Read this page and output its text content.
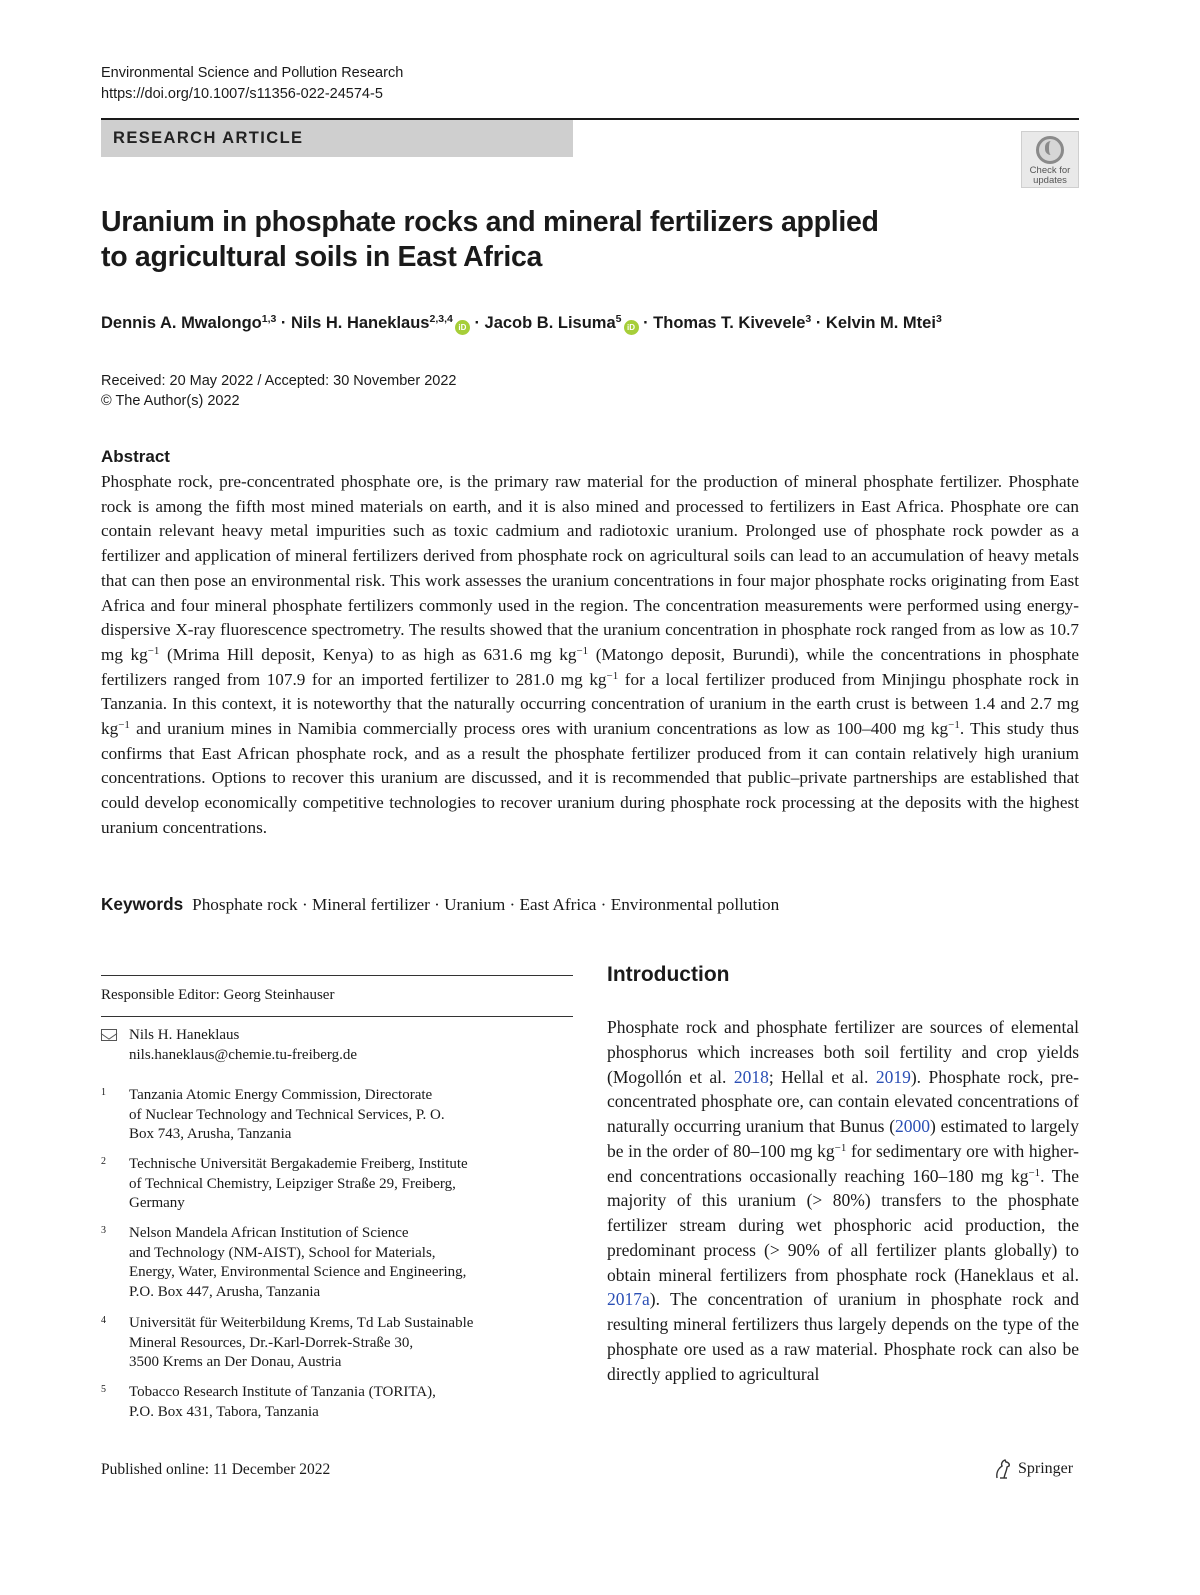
Environmental Science and Pollution Research
https://doi.org/10.1007/s11356-022-24574-5
RESEARCH ARTICLE
Check for
updates
Uranium in phosphate rocks and mineral fertilizers applied
to agricultural soils in East Africa
Dennis A. Mwalongo$^{1,3}$ · Nils H. Haneklaus$^{2,3,4}$iD · Jacob B. Lisuma$^5$iD · Thomas T. Kivevele$^3$ · Kelvin M. Mtei$^3$
Received: 20 May 2022 / Accepted: 30 November 2022
© The Author(s) 2022
Abstract
Phosphate rock, pre-concentrated phosphate ore, is the primary raw material for the production of mineral phosphate fertilizer. Phosphate rock is among the fifth most mined materials on earth, and it is also mined and processed to fertilizers in East Africa. Phosphate ore can contain relevant heavy metal impurities such as toxic cadmium and radiotoxic uranium. Prolonged use of phosphate rock powder as a fertilizer and application of mineral fertilizers derived from phosphate rock on agricultural soils can lead to an accumulation of heavy metals that can then pose an environmental risk. This work assesses the uranium concentrations in four major phosphate rocks originating from East Africa and four mineral phosphate fertilizers commonly used in the region. The concentration measurements were performed using energy-dispersive X-ray fluorescence spectrometry. The results showed that the uranium concentration in phosphate rock ranged from as low as 10.7 mg $kg^{-1}$ (Mrima Hill deposit, Kenya) to as high as 631.6 mg $kg^{-1}$ (Matongo deposit, Burundi), while the concentrations in phosphate fertilizers ranged from 107.9 for an imported fertilizer to 281.0 mg $kg^{-1}$ for a local fertilizer produced from Minjingu phosphate rock in Tanzania. In this context, it is noteworthy that the naturally occurring concentration of uranium in the earth crust is between 1.4 and 2.7 mg $kg^{-1}$ and uranium mines in Namibia commercially process ores with uranium concentrations as low as 100–400 mg $kg^{-1}$. This study thus confirms that East African phosphate rock, and as a result the phosphate fertilizer produced from it can contain relatively high uranium concentrations. Options to recover this uranium are discussed, and it is recommended that public–private partnerships are established that could develop economically competitive technologies to recover uranium during phosphate rock processing at the deposits with the highest uranium concentrations.
Keywords Phosphate rock · Mineral fertilizer · Uranium · East Africa · Environmental pollution
Responsible Editor: Georg Steinhauser
Nils H. Haneklaus
nils.haneklaus@chemie.tu-freiberg.de
1 Tanzania Atomic Energy Commission, Directorate
of Nuclear Technology and Technical Services, P. O.
Box 743, Arusha, Tanzania
2 Technische Universität Bergakademie Freiberg, Institute
of Technical Chemistry, Leipziger Straße 29, Freiberg,
Germany
3 Nelson Mandela African Institution of Science
and Technology (NM-AIST), School for Materials,
Energy, Water, Environmental Science and Engineering,
P.O. Box 447, Arusha, Tanzania
4 Universität für Weiterbildung Krems, Td Lab Sustainable
Mineral Resources, Dr.-Karl-Dorrek-Straße 30,
3500 Krems an Der Donau, Austria
5 Tobacco Research Institute of Tanzania (TORITA),
P.O. Box 431, Tabora, Tanzania
Introduction
Phosphate rock and phosphate fertilizer are sources of elemental phosphorus which increases both soil fertility and crop yields (Mogollón et al. 2018; Hellal et al. 2019). Phosphate rock, pre-concentrated phosphate ore, can contain elevated concentrations of naturally occurring uranium that Bunus (2000) estimated to largely be in the order of 80–100 mg $kg^{-1}$ for sedimentary ore with higher-end concentrations occasionally reaching 160–180 mg $kg^{-1}$. The majority of this uranium (> 80%) transfers to the phosphate fertilizer stream during wet phosphoric acid production, the predominant process (> 90% of all fertilizer plants globally) to obtain mineral fertilizers from phosphate rock (Haneklaus et al. 2017a). The concentration of uranium in phosphate rock and resulting mineral fertilizers thus largely depends on the type of the phosphate ore used as a raw material. Phosphate rock can also be directly applied to agricultural
Published online: 11 December 2022	Springer
